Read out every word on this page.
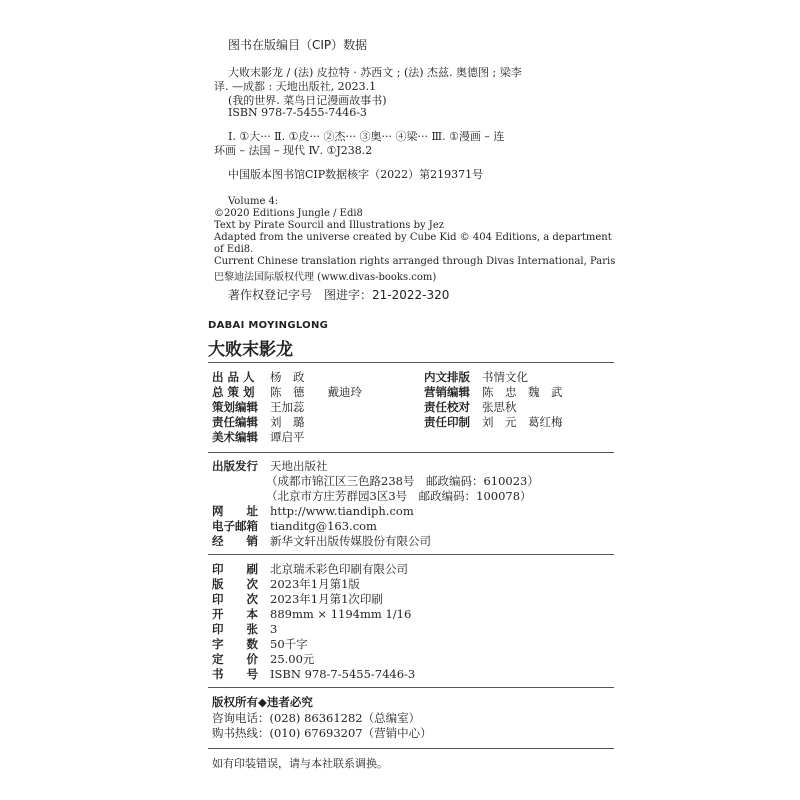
图书在版编目（CIP）数据
大败末影龙 / (法) 皮拉特 · 苏西文 ; (法) 杰兹. 奥德图 ; 梁李
译. —成都 : 天地出版社, 2023.1
(我的世界. 菜鸟日记漫画故事书)
ISBN 978-7-5455-7446-3
Ⅰ. ①大··· Ⅱ. ①皮··· ②杰··· ③奥··· ④梁··· Ⅲ. ①漫画 – 连
环画 – 法国 – 现代 Ⅳ. ①J238.2
中国版本图书馆CIP数据核字（2022）第219371号
Volume 4:
©2020 Editions Jungle / Edi8
Text by Pirate Sourcil and Illustrations by Jez
Adapted from the universe created by Cube Kid © 404 Editions, a department
of Edi8.
Current Chinese translation rights arranged through Divas International, Paris
巴黎迪法国际版权代理 (www.divas-books.com)
著作权登记字号　图进字：21-2022-320
DABAI MOYINGLONG
大败末影龙
出 品 人 杨　政
总 策 划 陈　德　　戴迪玲
策划编辑 王加蕊
责任编辑 刘　璐
美术编辑 谭启平
内文排版 书情文化
营销编辑 陈　忠　魏　武
责任校对 张思秋
责任印制 刘　元　葛红梅
出版发行 天地出版社
（成都市锦江区三色路238号　邮政编码：610023）
（北京市方庄芳群园3区3号　邮政编码：100078）
网　　址 http://www.tiandiph.com
电子邮箱 tianditg@163.com
经　　销 新华文轩出版传媒股份有限公司
印　　刷 北京瑞禾彩色印刷有限公司
版　　次 2023年1月第1版
印　　次 2023年1月第1次印刷
开　　本 889mm × 1194mm 1/16
印　　张 3
字　　数 50千字
定　　价 25.00元
书　　号 ISBN 978-7-5455-7446-3
版权所有◆违者必究
咨询电话：(028) 86361282（总编室）
购书热线：(010) 67693207（营销中心）
如有印装错误，请与本社联系调换。
